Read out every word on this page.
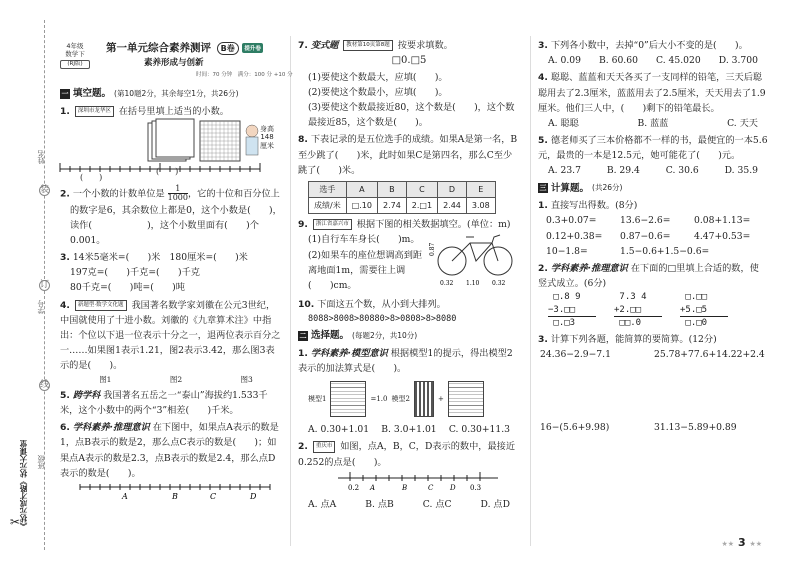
姓名
学号
班级
装
订
线
《状元成才路》状元大课堂
✂
4年级
数学下
(RJ版)
第一单元综合素养测评 B卷 提升卷
素养形成与创新
时间：70 分钟　满分：100 分 +10 分
一 填空题。 (第10题2分，其余每空1分，共26分)
1. 深圳市龙华区 在括号里填上适当的小数。
身高
148
厘米
(　　)
(　　)
2. 一个小数的计数单位是 $\frac{1}{1000}$，它的十位和百分位上
的数字是6，其余数位上都是0，这个小数是(　　)，
读作(　　　　　　)，这个小数里面有(　　)个
0.001。
3. 14米5毫米=(　　)米　180厘米=(　　)米
197克=(　　)千克=(　　)千克
80千克=(　　)吨=(　　)吨
4. 新题型·数学文化题 我国著名数学家刘徽在公元3世纪，中国就使用了十进小数。刘徽的《九章算术注》中指出：个位以下退一位表示十分之一，退两位表示百分之一……如果图1表示1.21，图2表示3.42，那么图3表示的是(　　)。
图1	图2	图3
5. 跨学科 我国著名五岳之一“泰山”海拔约1.533千米，这个小数中的两个“3”相差(　　)千米。
6. 学科素养·推理意识 在下图中，如果点A表示的数是1，点B表示的数是2，那么点C表示的数是(　　)；如果点A表示的数是2.3，点B表示的数是2.4，那么点D表示的数是(　　)。
A	B	C	D
7. 变式题 教材第10页第8题 按要求填数。
□0.□5
(1)要使这个数最大，应填(　　)。
(2)要使这个数最小，应填(　　)。
(3)要使这个数最接近80，这个数是(　　)，这个数最接近85，这个数是(　　)。
8. 下表记录的是五位选手的成绩。如果A是第一名，B至少跳了(　　)米，此时如果C是第四名，那么C至少跳了(　　)米。
选手	A	B	C	D	E
成绩/米	□.10	2.74	2.□1	2.44	3.08
9. 浙江省嘉兴市 根据下图的相关数据填空。(单位：m)
(1)自行车车身长(　　)m。
(2)如果车的座位想调高到距离地面1m，需要往上调(　　)cm。
0.87
0.32 1.10 0.32
10. 下面这五个数，从小到大排列。
8088>8008>80880>8>0808>8>8080
二 选择题。 (每题2分，共10分)
1. 学科素养·模型意识 根据模型1的提示，得出模型2表示的加法算式是(　　)。
模型1	=1.0 模型2	+
A. 0.30+1.01 B. 3.0+1.01 C. 0.30+11.3
2. 重庆市 如图，点A，B，C，D表示的数中，最接近0.252的点是(　　)。
0.2	0.3
A	B	C D
A. 点A	B. 点B	C. 点C	D. 点D
3. 下列各小数中，去掉“0”后大小不变的是(　　)。
A. 0.09 B. 60.60 C. 45.020 D. 3.700
4. 聪聪、蓝蓝和天天各买了一支同样的铅笔，三天后聪聪用去了2.3厘米，蓝蓝用去了2.5厘米，天天用去了1.9厘米。他们三人中，(　　)剩下的铅笔最长。
A. 聪聪	B. 蓝蓝	C. 天天
5. 德老师买了三本价格都不一样的书，最便宜的一本5.6元，最贵的一本是12.5元，她可能花了(　　)元。
A. 23.7	B. 29.4	C. 30.6	D. 35.9
三 计算题。 (共26分)
1. 直接写出得数。(8分)
0.3+0.07=	13.6−2.6=	0.08+1.13=
0.12+0.38=	0.87−0.6=	4.47+0.53=
10−1.8=	1.5−0.6+1.5−0.6=
2. 学科素养·推理意识 在下面的□里填上合适的数，使竖式成立。(6分)
□.8 9
−3.□□
□.□3
7.3 4
+2.□□
□□.0
□.□□
+5.□5
□.□0
3. 计算下列各题，能简算的要简算。(12分)
24.36−2.9−7.1	25.78+77.6+14.22+2.4
16−(5.6+9.98)	31.13−5.89+0.89
★★ 3 ★★
